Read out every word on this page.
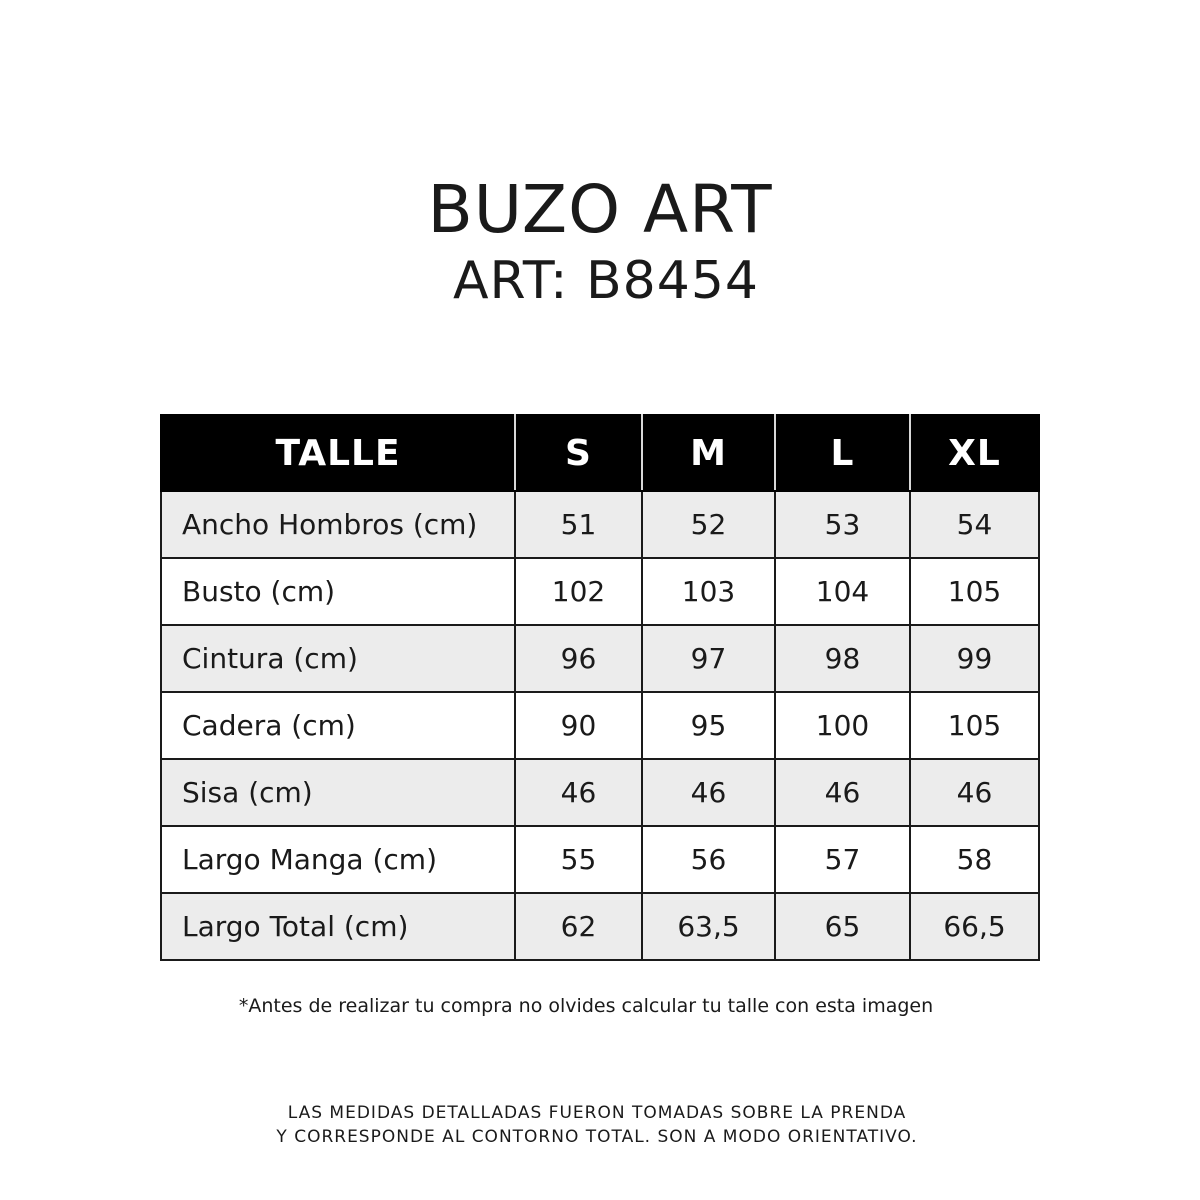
BUZO ART
ART: B8454
TALLE	S	M	L	XL
Ancho Hombros (cm)	51	52	53	54
Busto (cm)	102	103	104	105
Cintura (cm)	96	97	98	99
Cadera (cm)	90	95	100	105
Sisa (cm)	46	46	46	46
Largo Manga (cm)	55	56	57	58
Largo Total (cm)	62	63,5	65	66,5
*Antes de realizar tu compra no olvides calcular tu talle con esta imagen
LAS MEDIDAS DETALLADAS FUERON TOMADAS SOBRE LA PRENDA
Y CORRESPONDE AL CONTORNO TOTAL. SON A MODO ORIENTATIVO.
